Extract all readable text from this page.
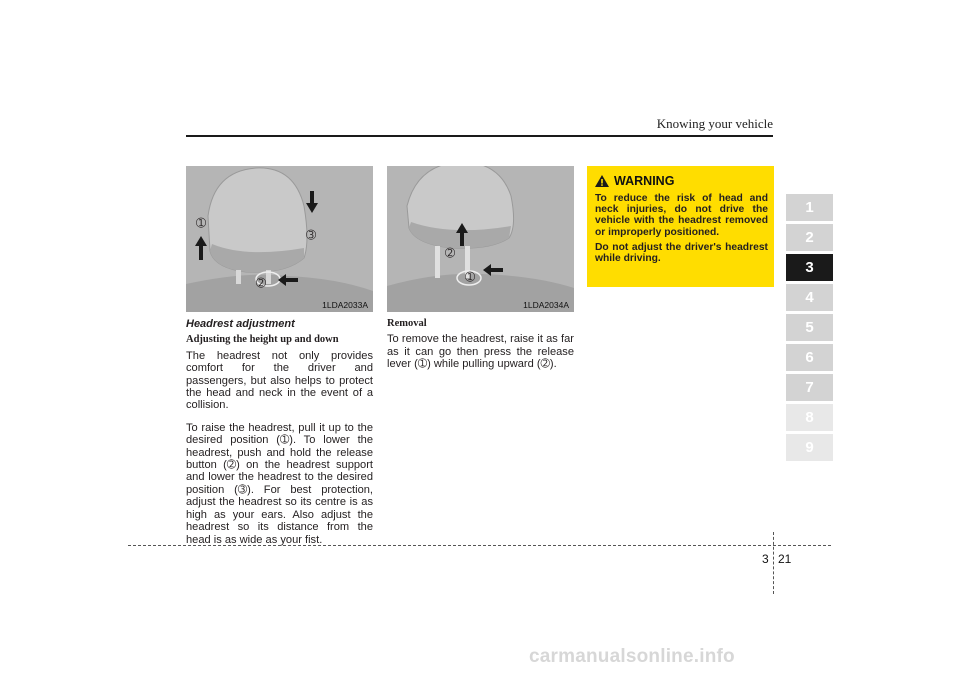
Knowing your vehicle
➀
➁
➂
1LDA2033A
➁
➀
1LDA2034A
Headrest adjustment
Adjusting the height up and down

The headrest not only provides comfort for the driver and passengers, but also helps to protect the head and neck in the event of a collision.

To raise the headrest, pull it up to the desired position (➀). To lower the headrest, push and hold the release button (➁) on the headrest support and lower the headrest to the desired position (➂). For best protection, adjust the headrest so its centre is as high as your ears. Also adjust the headrest so its distance from the head is as wide as your fist.

Removal

To remove the headrest, raise it as far as it can go then press the release lever (➀) while pulling upward (➁).

WARNING

To reduce the risk of head and neck injuries, do not drive the vehicle with the headrest removed or improperly positioned.

Do not adjust the driver's headrest while driving.

1
2
3
4
5
6
7
8
9
3 21
carmanualsonline.info
